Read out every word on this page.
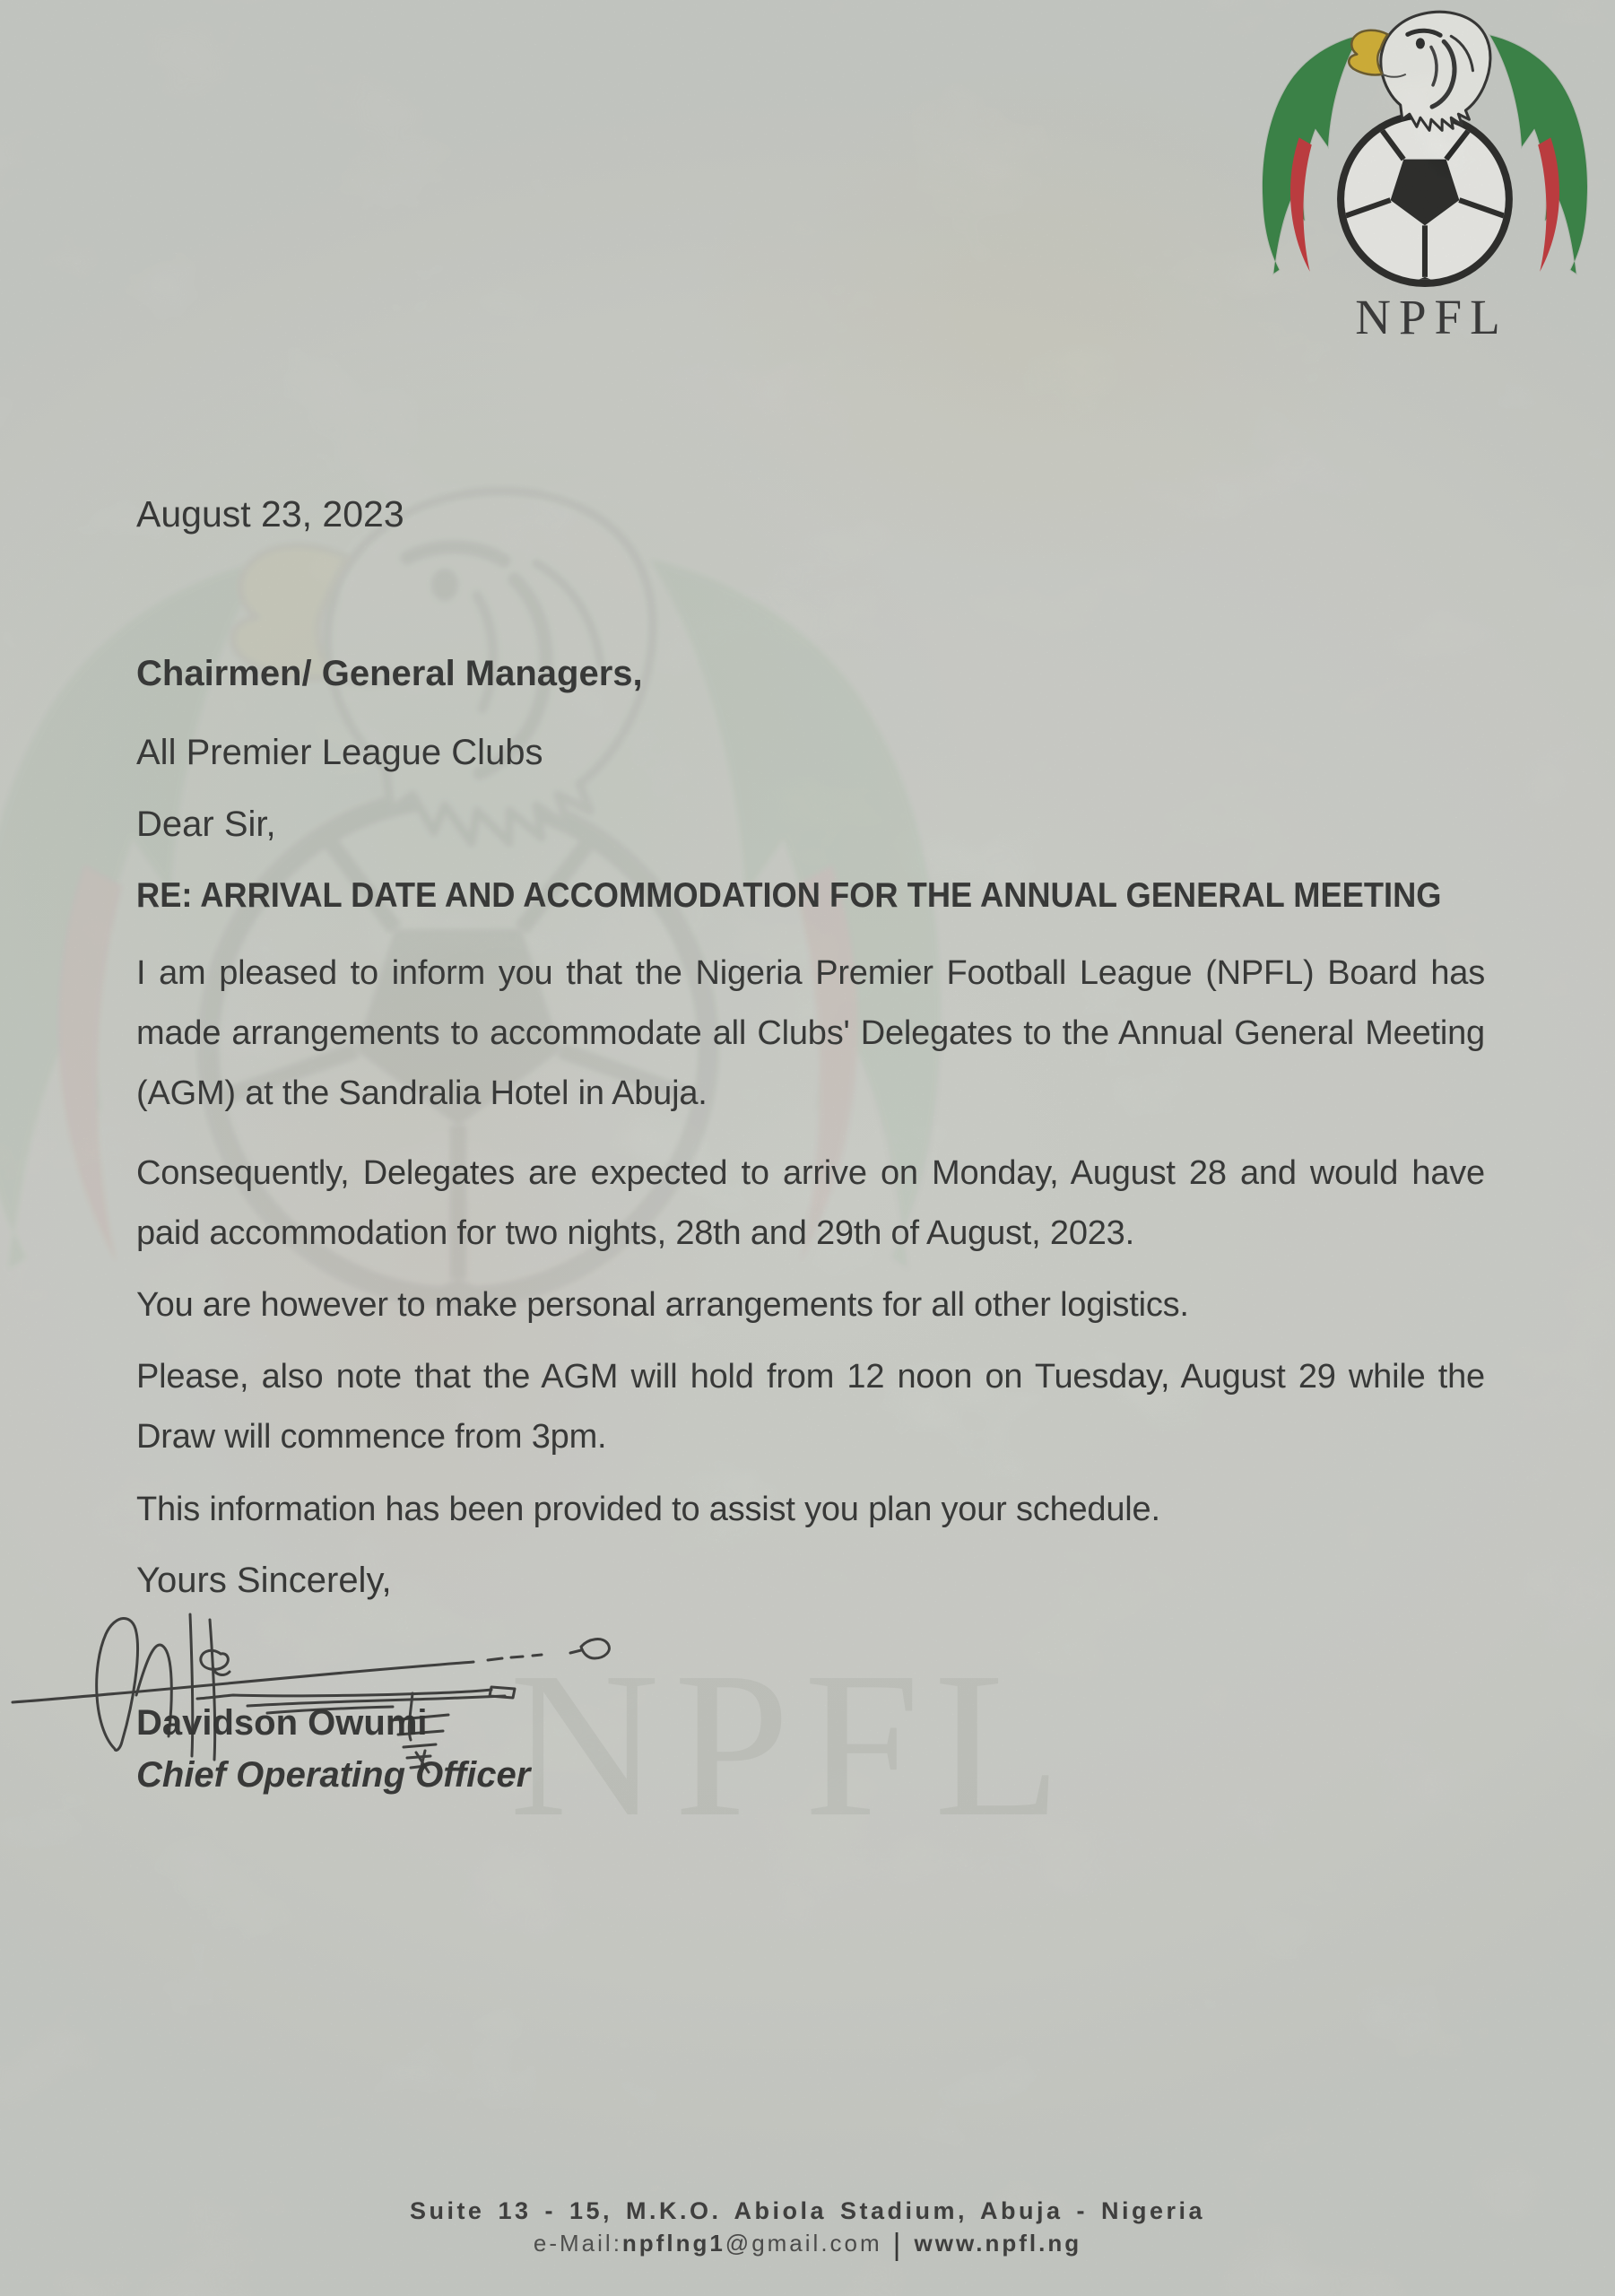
NPFL
NPFL
August 23, 2023
Chairmen/ General Managers,
All Premier League Clubs
Dear Sir,
RE: ARRIVAL DATE AND ACCOMMODATION FOR THE ANNUAL GENERAL MEETING

I am pleased to inform you that the Nigeria Premier Football League (NPFL) Board has made arrangements to accommodate all Clubs' Delegates to the Annual General Meeting (AGM) at the Sandralia Hotel in Abuja.

Consequently, Delegates are expected to arrive on Monday, August 28 and would have paid accommodation for two nights, 28th and 29th of August, 2023.

You are however to make personal arrangements for all other logistics.

Please, also note that the AGM will hold from 12 noon on Tuesday, August 29 while the Draw will commence from 3pm.

This information has been provided to assist you plan your schedule.

Yours Sincerely,
Davidson Owumi
Chief Operating Officer
Suite 13 - 15, M.K.O. Abiola Stadium, Abuja - Nigeria
e-Mail:npflng1@gmail.com | www.npfl.ng
